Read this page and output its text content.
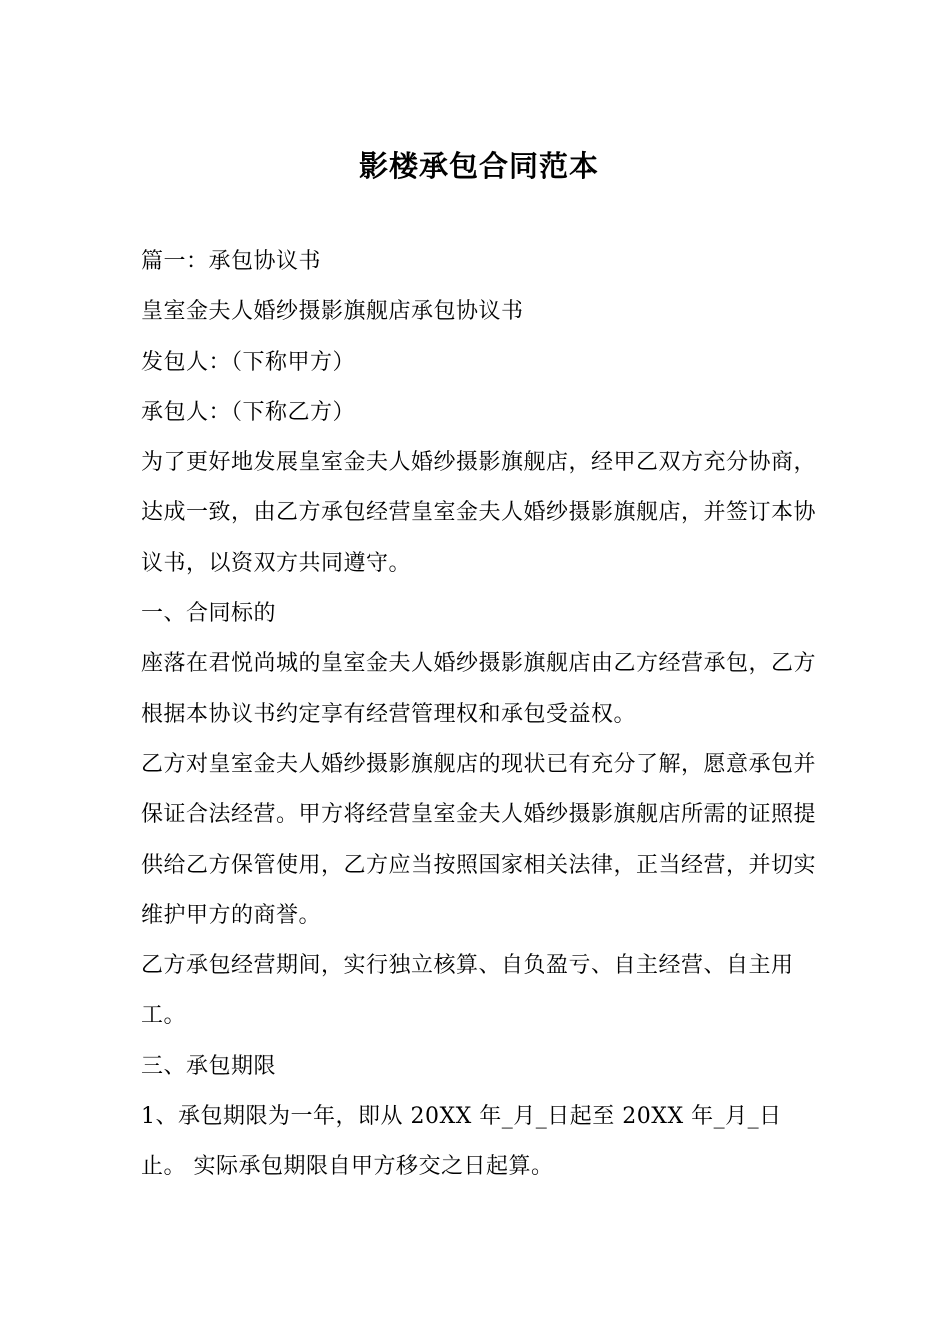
影楼承包合同范本

篇一：承包协议书

皇室金夫人婚纱摄影旗舰店承包协议书

发包人：（下称甲方）

承包人：（下称乙方）

为了更好地发展皇室金夫人婚纱摄影旗舰店，经甲乙双方充分协商，达成一致，由乙方承包经营皇室金夫人婚纱摄影旗舰店，并签订本协议书，以资双方共同遵守。

一、合同标的

座落在君悦尚城的皇室金夫人婚纱摄影旗舰店由乙方经营承包，乙方根据本协议书约定享有经营管理权和承包受益权。

乙方对皇室金夫人婚纱摄影旗舰店的现状已有充分了解，愿意承包并保证合法经营。甲方将经营皇室金夫人婚纱摄影旗舰店所需的证照提供给乙方保管使用，乙方应当按照国家相关法律，正当经营，并切实维护甲方的商誉。

乙方承包经营期间，实行独立核算、自负盈亏、自主经营、自主用工。

三、承包期限

1、承包期限为一年，即从 20XX 年_月_日起至 20XX 年_月_日止。 实际承包期限自甲方移交之日起算。
